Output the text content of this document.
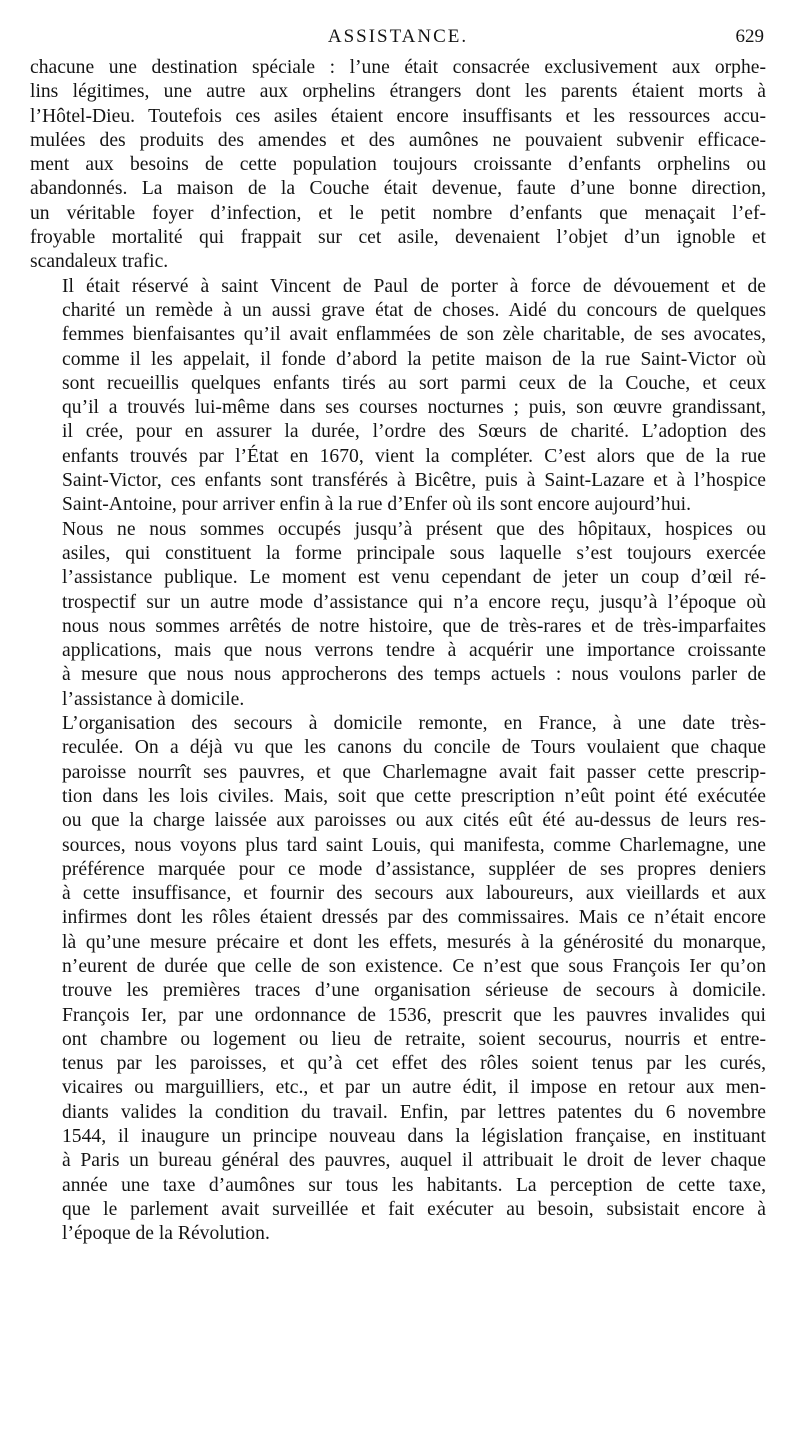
ASSISTANCE.	629
chacune une destination spéciale : l’une était consacrée exclusivement aux orphe-
lins légitimes, une autre aux orphelins étrangers dont les parents étaient morts à
l’Hôtel-Dieu. Toutefois ces asiles étaient encore insuffisants et les ressources accu-
mulées des produits des amendes et des aumônes ne pouvaient subvenir efficace-
ment aux besoins de cette population toujours croissante d’enfants orphelins ou
abandonnés. La maison de la Couche était devenue, faute d’une bonne direction,
un véritable foyer d’infection, et le petit nombre d’enfants que menaçait l’ef-
froyable mortalité qui frappait sur cet asile, devenaient l’objet d’un ignoble et
scandaleux trafic.
Il était réservé à saint Vincent de Paul de porter à force de dévouement et de
charité un remède à un aussi grave état de choses. Aidé du concours de quelques
femmes bienfaisantes qu’il avait enflammées de son zèle charitable, de ses avocates,
comme il les appelait, il fonde d’abord la petite maison de la rue Saint-Victor où
sont recueillis quelques enfants tirés au sort parmi ceux de la Couche, et ceux
qu’il a trouvés lui-même dans ses courses nocturnes ; puis, son œuvre grandissant,
il crée, pour en assurer la durée, l’ordre des Sœurs de charité. L’adoption des
enfants trouvés par l’État en 1670, vient la compléter. C’est alors que de la rue
Saint-Victor, ces enfants sont transférés à Bicêtre, puis à Saint-Lazare et à l’hospice
Saint-Antoine, pour arriver enfin à la rue d’Enfer où ils sont encore aujourd’hui.
Nous ne nous sommes occupés jusqu’à présent que des hôpitaux, hospices ou
asiles, qui constituent la forme principale sous laquelle s’est toujours exercée
l’assistance publique. Le moment est venu cependant de jeter un coup d’œil ré-
trospectif sur un autre mode d’assistance qui n’a encore reçu, jusqu’à l’époque où
nous nous sommes arrêtés de notre histoire, que de très-rares et de très-imparfaites
applications, mais que nous verrons tendre à acquérir une importance croissante
à mesure que nous nous approcherons des temps actuels : nous voulons parler de
l’assistance à domicile.
L’organisation des secours à domicile remonte, en France, à une date très-
reculée. On a déjà vu que les canons du concile de Tours voulaient que chaque
paroisse nourrît ses pauvres, et que Charlemagne avait fait passer cette prescrip-
tion dans les lois civiles. Mais, soit que cette prescription n’eût point été exécutée
ou que la charge laissée aux paroisses ou aux cités eût été au-dessus de leurs res-
sources, nous voyons plus tard saint Louis, qui manifesta, comme Charlemagne, une
préférence marquée pour ce mode d’assistance, suppléer de ses propres deniers
à cette insuffisance, et fournir des secours aux laboureurs, aux vieillards et aux
infirmes dont les rôles étaient dressés par des commissaires. Mais ce n’était encore
là qu’une mesure précaire et dont les effets, mesurés à la générosité du monarque,
n’eurent de durée que celle de son existence. Ce n’est que sous François Ier qu’on
trouve les premières traces d’une organisation sérieuse de secours à domicile.
François Ier, par une ordonnance de 1536, prescrit que les pauvres invalides qui
ont chambre ou logement ou lieu de retraite, soient secourus, nourris et entre-
tenus par les paroisses, et qu’à cet effet des rôles soient tenus par les curés,
vicaires ou marguilliers, etc., et par un autre édit, il impose en retour aux men-
diants valides la condition du travail. Enfin, par lettres patentes du 6 novembre
1544, il inaugure un principe nouveau dans la législation française, en instituant
à Paris un bureau général des pauvres, auquel il attribuait le droit de lever chaque
année une taxe d’aumônes sur tous les habitants. La perception de cette taxe,
que le parlement avait surveillée et fait exécuter au besoin, subsistait encore à
l’époque de la Révolution.
